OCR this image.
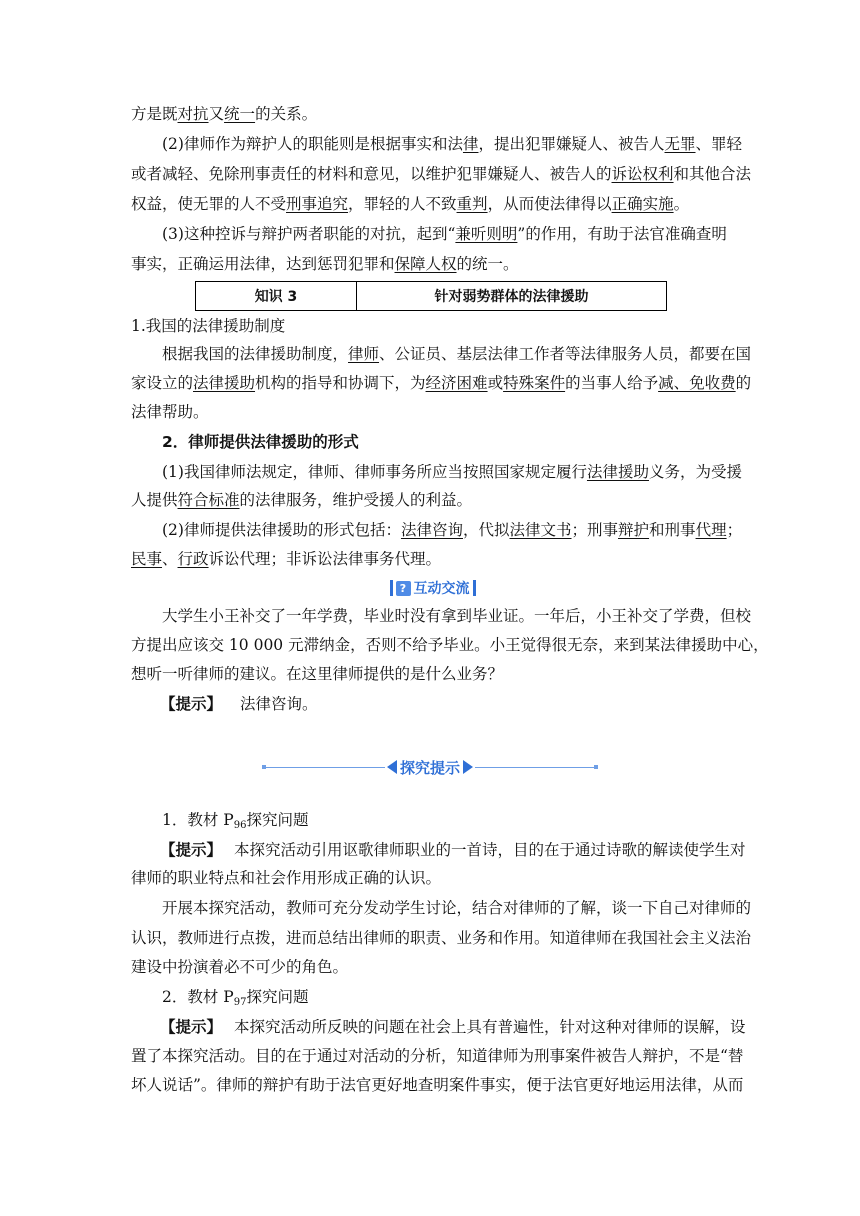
方是既对抗又统一的关系。
(2)律师作为辩护人的职能则是根据事实和法律，提出犯罪嫌疑人、被告人无罪、罪轻
或者减轻、免除刑事责任的材料和意见，以维护犯罪嫌疑人、被告人的诉讼权利和其他合法
权益，使无罪的人不受刑事追究，罪轻的人不致重判，从而使法律得以正确实施。
(3)这种控诉与辩护两者职能的对抗，起到“兼听则明”的作用，有助于法官准确查明
事实，正确运用法律，达到惩罚犯罪和保障人权的统一。
知识 3	针对弱势群体的法律援助
1.我国的法律援助制度
根据我国的法律援助制度，律师、公证员、基层法律工作者等法律服务人员，都要在国
家设立的法律援助机构的指导和协调下，为经济困难或特殊案件的当事人给予减、免收费的
法律帮助。
2．律师提供法律援助的形式
(1)我国律师法规定，律师、律师事务所应当按照国家规定履行法律援助义务，为受援
人提供符合标准的法律服务，维护受援人的利益。
(2)律师提供法律援助的形式包括：法律咨询，代拟法律文书；刑事辩护和刑事代理；
民事、行政诉讼代理；非诉讼法律事务代理。
? 互动交流
大学生小王补交了一年学费，毕业时没有拿到毕业证。一年后，小王补交了学费，但校
方提出应该交 10 000 元滞纳金，否则不给予毕业。小王觉得很无奈，来到某法律援助中心，
想听一听律师的建议。在这里律师提供的是什么业务？
【提示】 法律咨询。
探究提示
1．教材 $P_{96}$探究问题
【提示】 本探究活动引用讴歌律师职业的一首诗，目的在于通过诗歌的解读使学生对
律师的职业特点和社会作用形成正确的认识。
开展本探究活动，教师可充分发动学生讨论，结合对律师的了解，谈一下自己对律师的
认识，教师进行点拨，进而总结出律师的职责、业务和作用。知道律师在我国社会主义法治
建设中扮演着必不可少的角色。
2．教材 $P_{97}$探究问题
【提示】 本探究活动所反映的问题在社会上具有普遍性，针对这种对律师的误解，设
置了本探究活动。目的在于通过对活动的分析，知道律师为刑事案件被告人辩护，不是“替
坏人说话”。律师的辩护有助于法官更好地查明案件事实，便于法官更好地运用法律，从而
